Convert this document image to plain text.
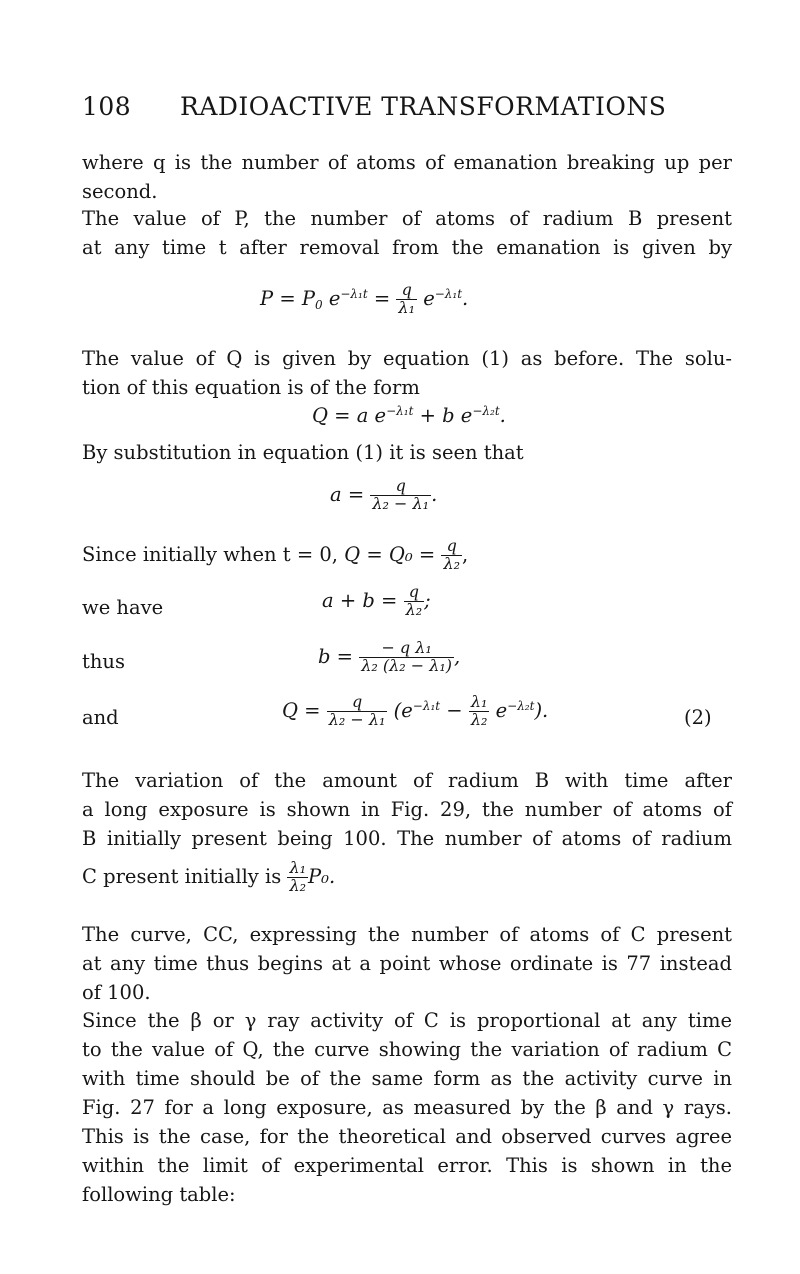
108 RADIOACTIVE TRANSFORMATIONS

where q is the number of atoms of emanation breaking up per
second.

The value of P, the number of atoms of radium B present
at any time t after removal from the emanation is given by

$P = P_0$ $e^{-\lambda_1t} = \frac{q}{\text{λ₁}} e^{-\lambda_1t}$.

The value of Q is given by equation (1) as before. The solu-
tion of this equation is of the form

Q = a $e^{-\lambda_1t} + b$ $e^{-\lambda_2t}$.

By substitution in equation (1) it is seen that

$a = \frac{q}{\text{λ₂ − λ₁}}$ .
Since initially when t = 0, $Q = Q_0 = \frac{q}{\text{λ₂}}$ ,
we have	$a + b = \frac{q}{\text{λ₂}}$ ;
thus	$b = \frac{\text{− q λ₁}}{\text{λ₂ (λ₂ − λ₁)}}$ ,
and	$Q = \frac{q}{\text{λ₂ − λ₁}} (e^{-\lambda_1t} - \frac{\text{λ₁}}{\text{λ₂}} e^{-\lambda_2t})$.	(2)

The variation of the amount of radium B with time after
a long exposure is shown in Fig. 29, the number of atoms of
B initially present being 100. The number of atoms of radium

C present initially is $\frac{\text{λ₁}}{\text{λ₂}} P_0$.

The curve, CC, expressing the number of atoms of C present
at any time thus begins at a point whose ordinate is 77 instead
of 100.

Since the β or γ ray activity of C is proportional at any time
to the value of Q, the curve showing the variation of radium C
with time should be of the same form as the activity curve in
Fig. 27 for a long exposure, as measured by the β and γ rays.
This is the case, for the theoretical and observed curves agree
within the limit of experimental error. This is shown in the
following table:
